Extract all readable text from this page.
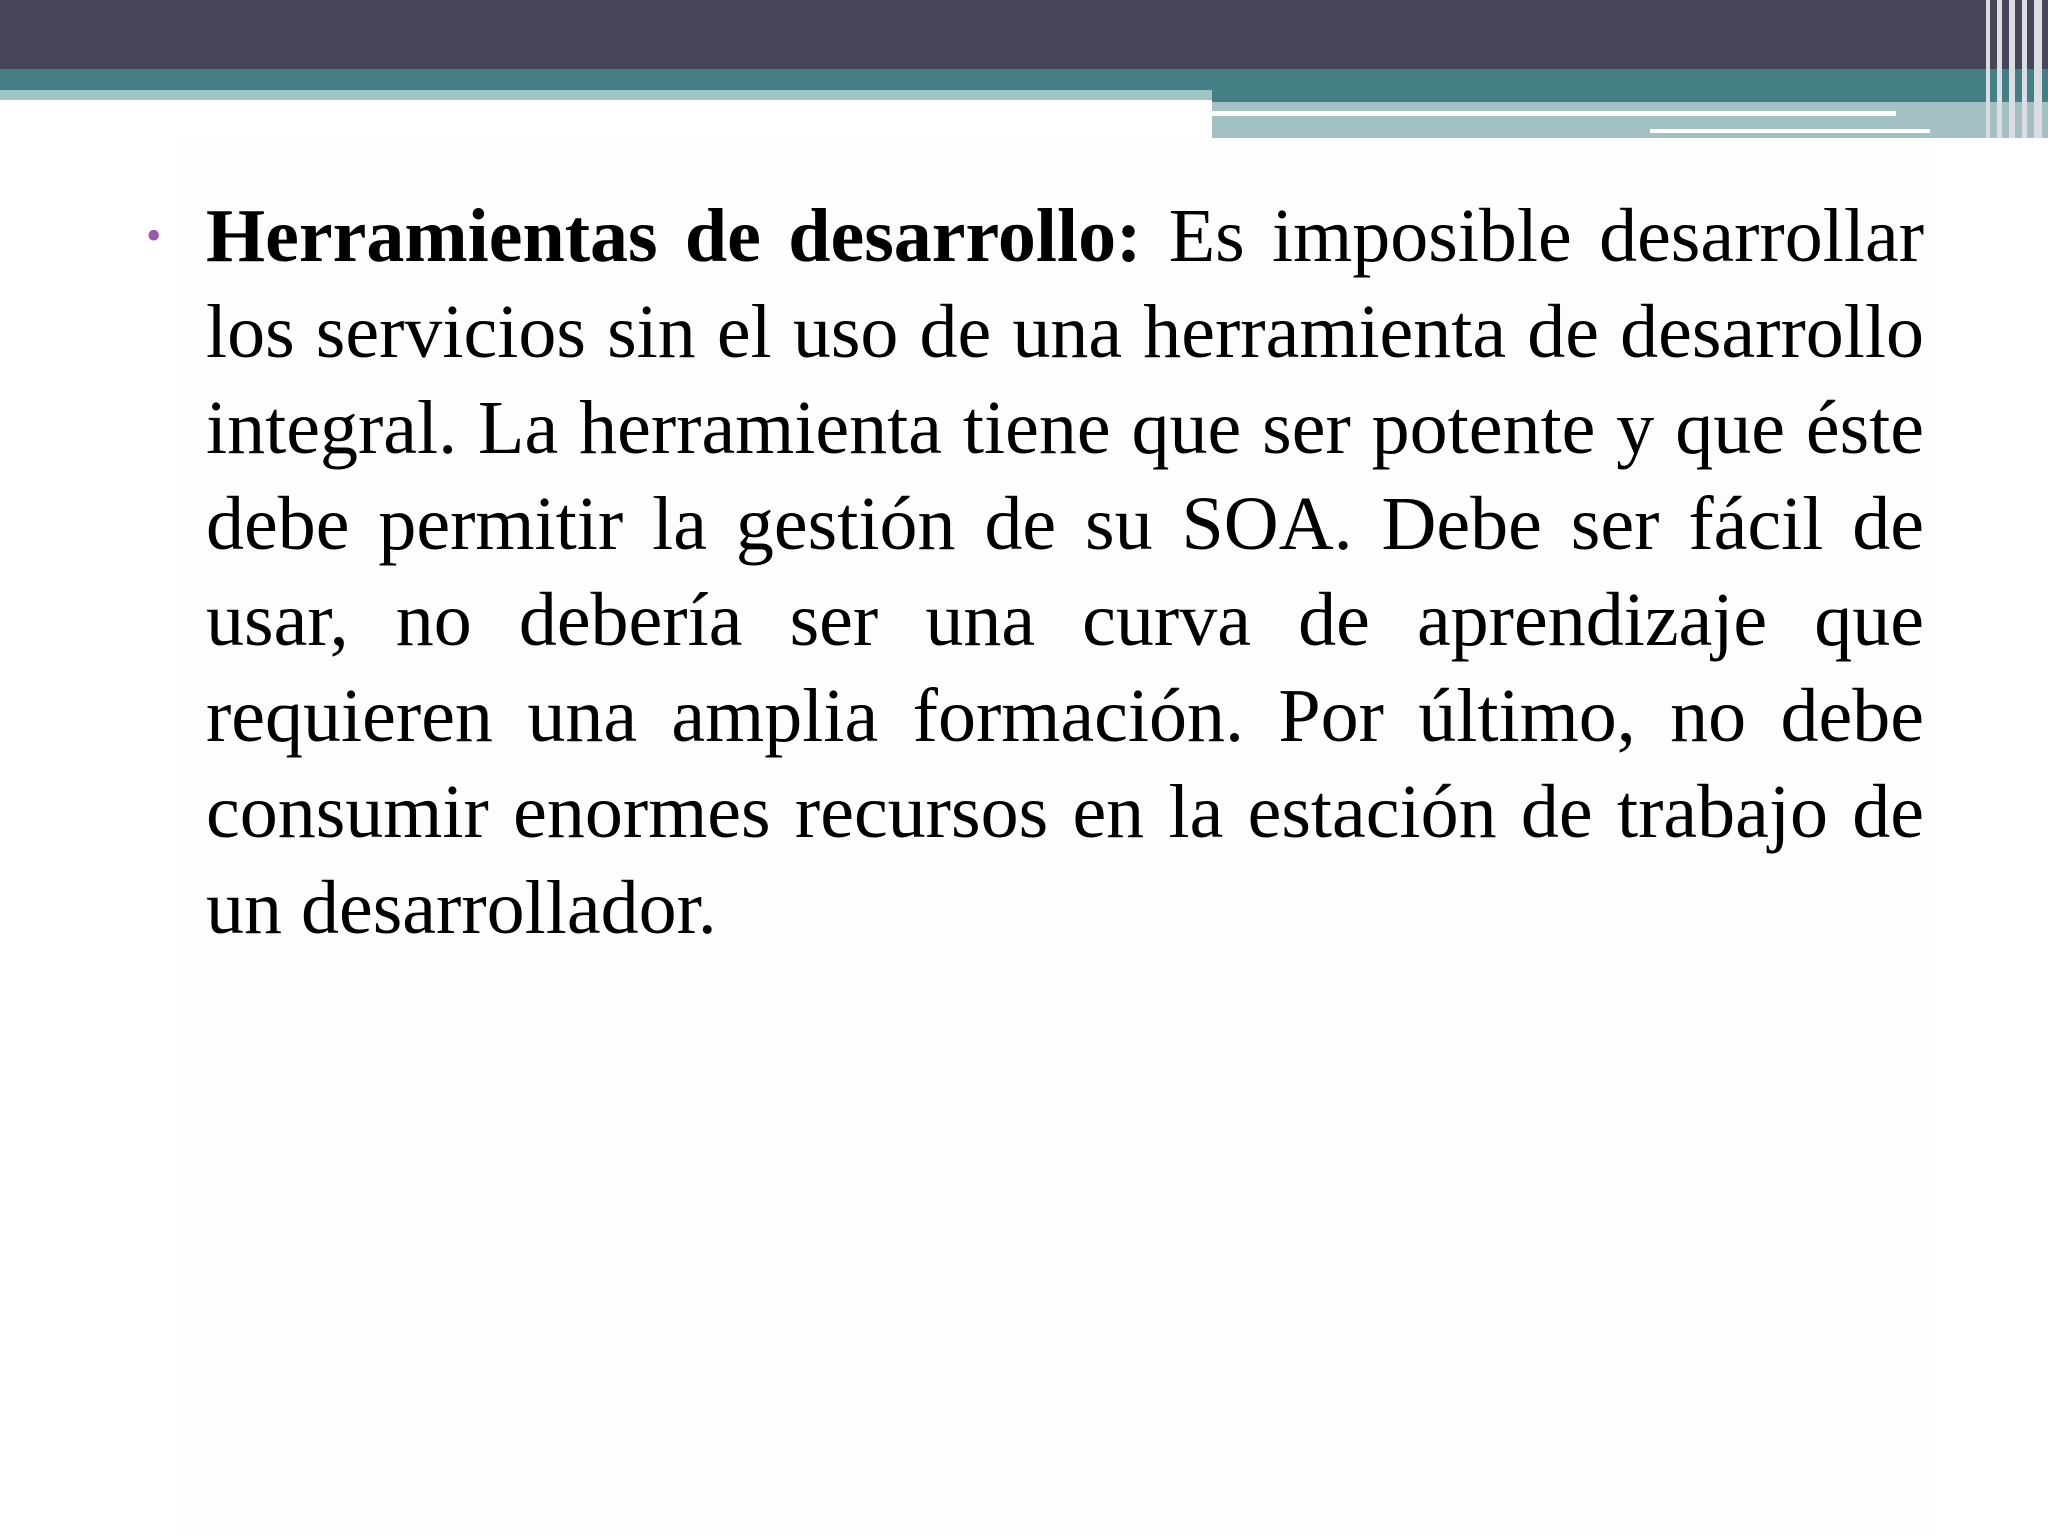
• Herramientas de desarrollo: Es imposible desarrollar los servicios sin el uso de una herramienta de desarrollo integral. La herramienta tiene que ser potente y que éste debe permitir la gestión de su SOA. Debe ser fácil de usar, no debería ser una curva de aprendizaje que requieren una amplia formación. Por último, no debe consumir enormes recursos en la estación de trabajo de un desarrollador.
